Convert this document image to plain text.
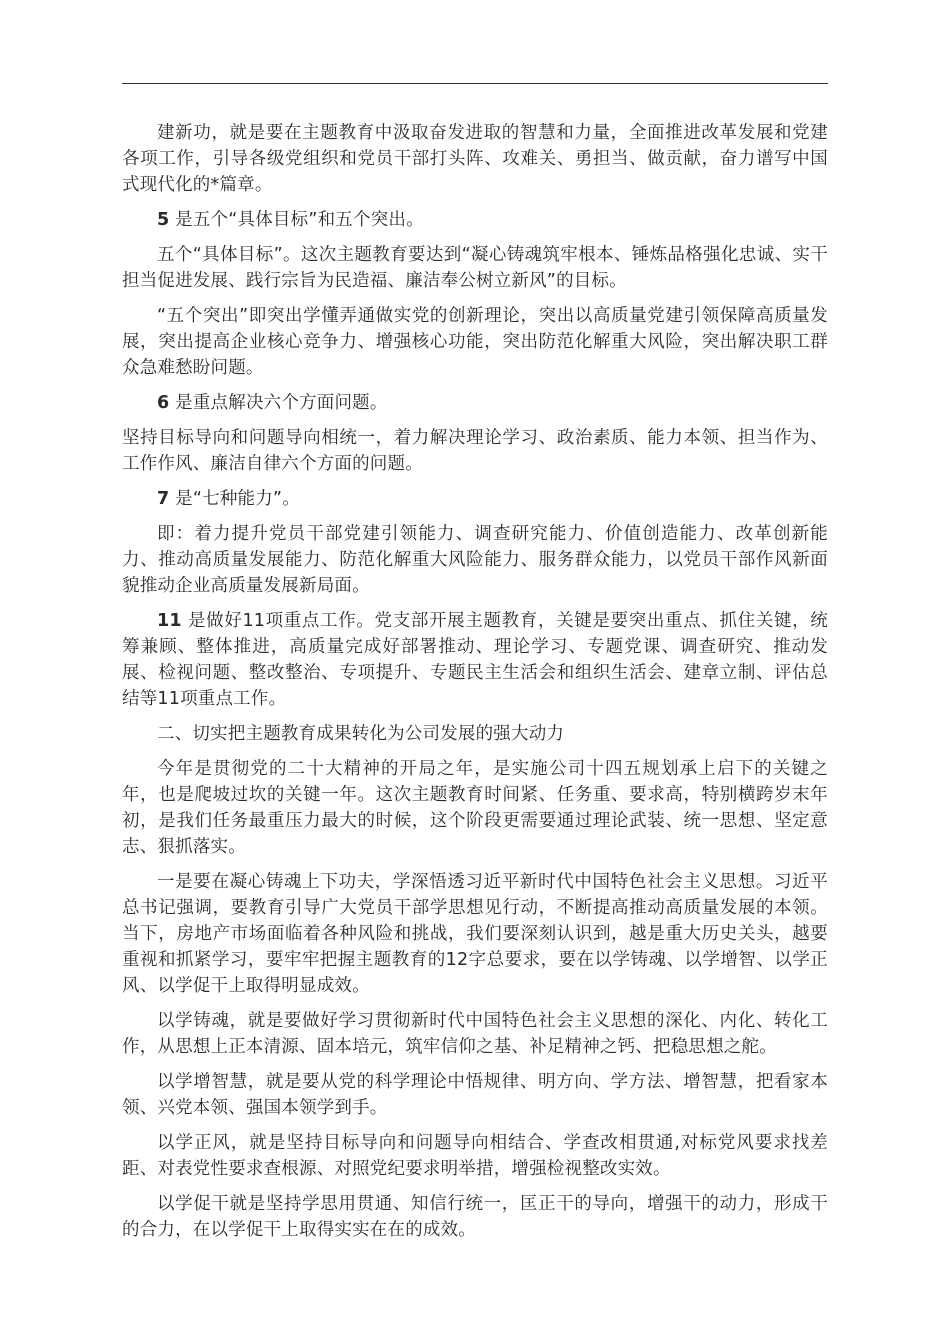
建新功，就是要在主题教育中汲取奋发进取的智慧和力量，全面推进改革发展和党建各项工作，引导各级党组织和党员干部打头阵、攻难关、勇担当、做贡献，奋力谱写中国式现代化的*篇章。

5 是五个“具体目标”和五个突出。

五个“具体目标”。这次主题教育要达到“凝心铸魂筑牢根本、锤炼品格强化忠诚、实干担当促进发展、践行宗旨为民造福、廉洁奉公树立新风”的目标。

“五个突出”即突出学懂弄通做实党的创新理论，突出以高质量党建引领保障高质量发展，突出提高企业核心竞争力、增强核心功能，突出防范化解重大风险，突出解决职工群众急难愁盼问题。

6 是重点解决六个方面问题。

坚持目标导向和问题导向相统一，着力解决理论学习、政治素质、能力本领、担当作为、工作作风、廉洁自律六个方面的问题。

7 是“七种能力”。

即：着力提升党员干部党建引领能力、调查研究能力、价值创造能力、改革创新能力、推动高质量发展能力、防范化解重大风险能力、服务群众能力，以党员干部作风新面貌推动企业高质量发展新局面。

11 是做好11项重点工作。党支部开展主题教育，关键是要突出重点、抓住关键，统筹兼顾、整体推进，高质量完成好部署推动、理论学习、专题党课、调查研究、推动发展、检视问题、整改整治、专项提升、专题民主生活会和组织生活会、建章立制、评估总结等11项重点工作。

二、切实把主题教育成果转化为公司发展的强大动力

今年是贯彻党的二十大精神的开局之年，是实施公司十四五规划承上启下的关键之年，也是爬坡过坎的关键一年。这次主题教育时间紧、任务重、要求高，特别横跨岁末年初，是我们任务最重压力最大的时候，这个阶段更需要通过理论武装、统一思想、坚定意志、狠抓落实。

一是要在凝心铸魂上下功夫，学深悟透习近平新时代中国特色社会主义思想。习近平总书记强调，要教育引导广大党员干部学思想见行动，不断提高推动高质量发展的本领。当下，房地产市场面临着各种风险和挑战，我们要深刻认识到，越是重大历史关头，越要重视和抓紧学习，要牢牢把握主题教育的12字总要求，要在以学铸魂、以学增智、以学正风、以学促干上取得明显成效。

以学铸魂，就是要做好学习贯彻新时代中国特色社会主义思想的深化、内化、转化工作，从思想上正本清源、固本培元，筑牢信仰之基、补足精神之钙、把稳思想之舵。

以学增智慧，就是要从党的科学理论中悟规律、明方向、学方法、增智慧，把看家本领、兴党本领、强国本领学到手。

以学正风，就是坚持目标导向和问题导向相结合、学查改相贯通,对标党风要求找差距、对表党性要求查根源、对照党纪要求明举措，增强检视整改实效。

以学促干就是坚持学思用贯通、知信行统一，匡正干的导向，增强干的动力，形成干的合力，在以学促干上取得实实在在的成效。
